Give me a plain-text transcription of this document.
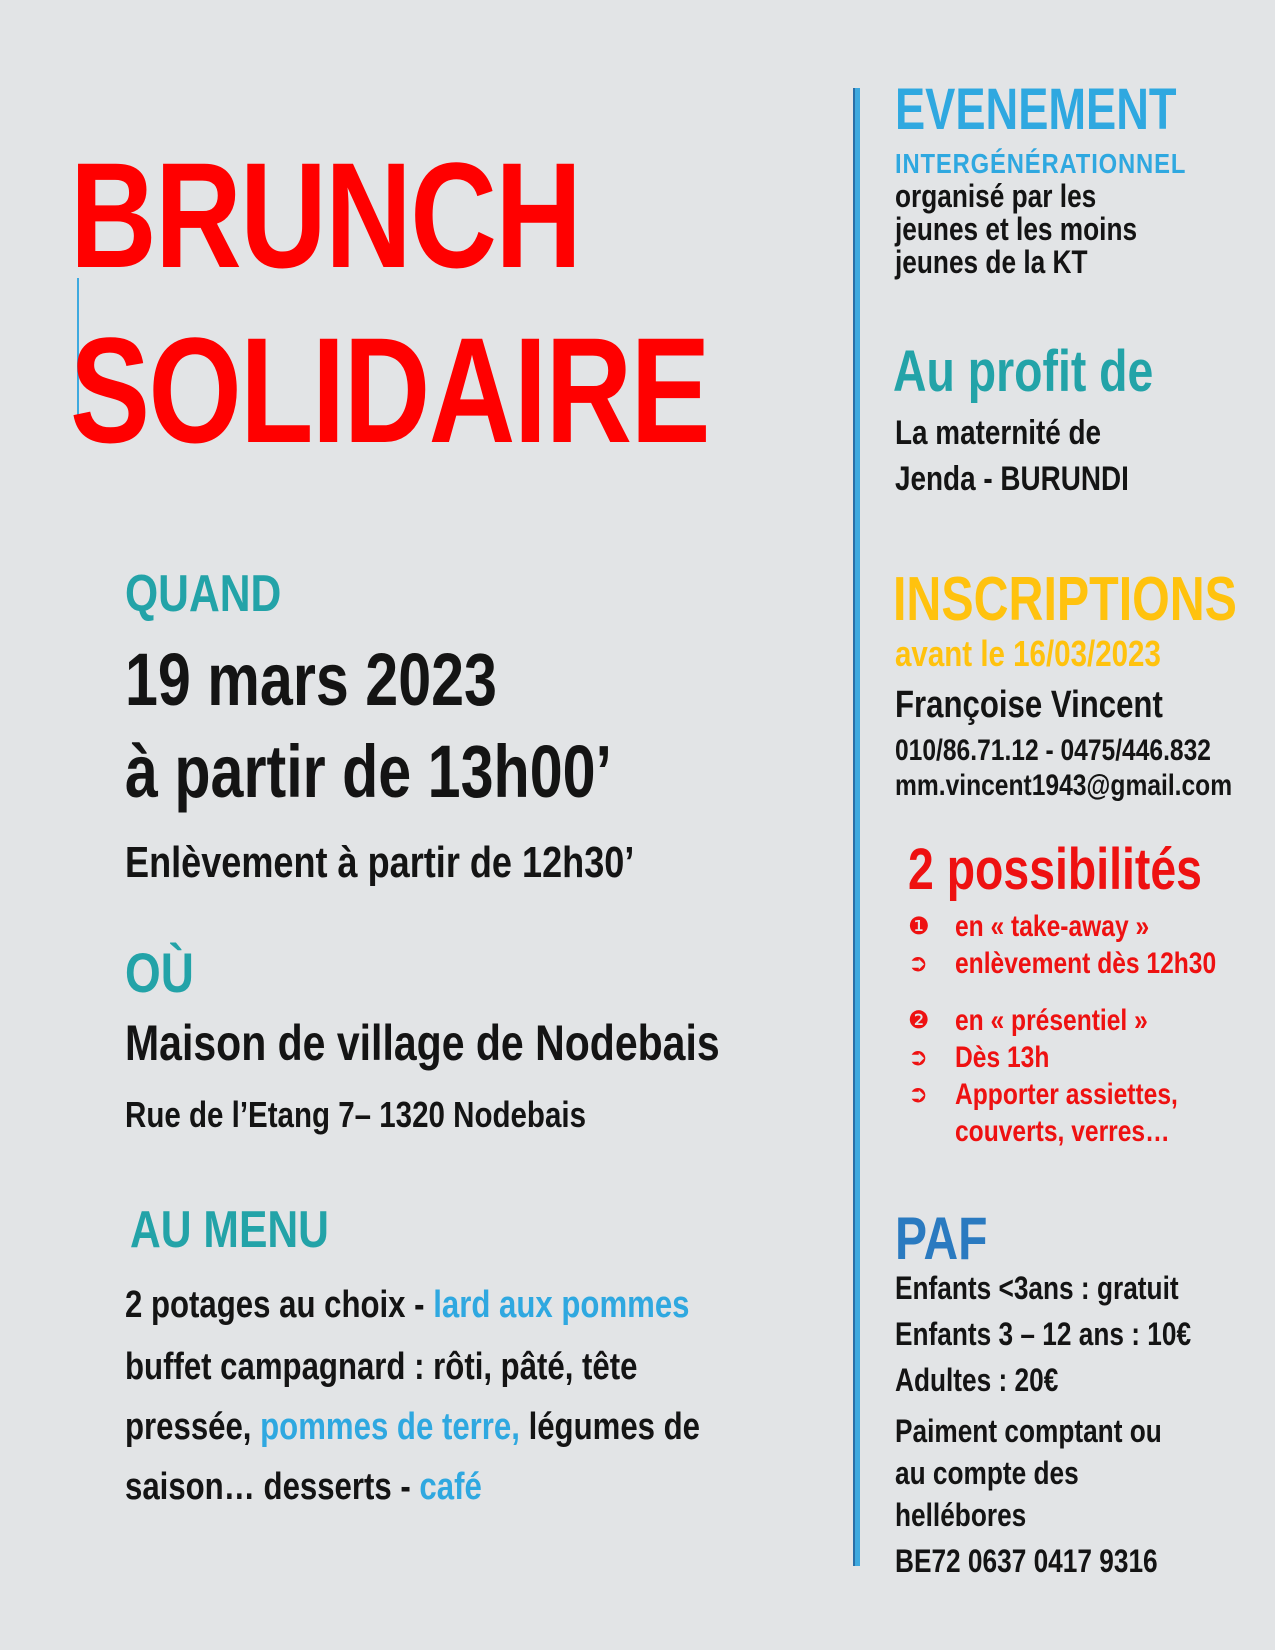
BRUNCH
SOLIDAIRE
QUAND
19 mars 2023
à partir de 13h00’
Enlèvement à partir de 12h30’
OÙ
Maison de village de Nodebais
Rue de l’Etang 7– 1320 Nodebais
AU MENU
2 potages au choix - lard aux pommes
buffet campagnard : rôti, pâté, tête
pressée, pommes de terre, légumes de
saison… desserts - café
EVENEMENT
INTERGÉNÉRATIONNEL
organisé par les
jeunes et les moins
jeunes de la KT
Au profit de
La maternité de
Jenda - BURUNDI
INSCRIPTIONS
avant le 16/03/2023
Françoise Vincent
010/86.71.12 - 0475/446.832
mm.vincent1943@gmail.com
2 possibilités
❶ en « take-away »
➲ enlèvement dès 12h30
❷ en « présentiel »
➲ Dès 13h
➲ Apporter assiettes,
couverts, verres…
PAF
Enfants <3ans : gratuit
Enfants 3 – 12 ans : 10€
Adultes : 20€
Paiment comptant ou
au compte des
hellébores
BE72 0637 0417 9316
